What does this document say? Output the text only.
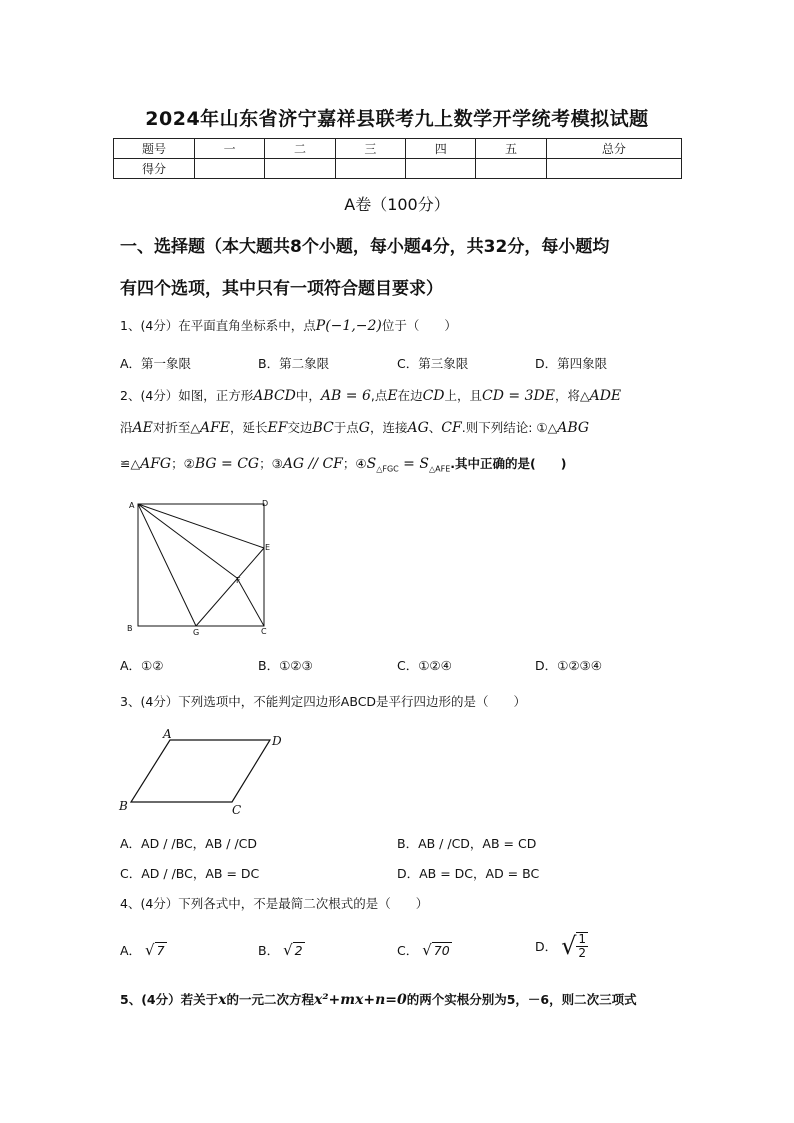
2024年山东省济宁嘉祥县联考九上数学开学统考模拟试题
题号	一	二	三	四	五	总分
得分						
A卷（100分）
一、选择题（本大题共8个小题，每小题4分，共32分，每小题均
有四个选项，其中只有一项符合题目要求）
1、(4分）在平面直角坐标系中，点P(−1,−2)位于（　　）
A．第一象限	B．第二象限	C．第三象限	D．第四象限
2、(4分）如图，正方形ABCD中，AB = 6,点E在边CD上，且CD = 3DE，将△ADE
沿AE对折至△AFE，延长EF交边BC于点G，连接AG、CF.则下列结论: ①△ABG
≌△AFG；②BG = CG；③AG // CF；$④S_{\triangle FGC} = S_{\triangle AFE}$.其中正确的是(　　)
A	D
E
F
B	G	C
A．①②	B．①②③	C．①②④	D．①②③④
3、(4分）下列选项中，不能判定四边形ABCD是平行四边形的是（　　）
A	D
B	C
A．AD / /BC，AB / /CD	B．AB / /CD，AB = CD
C．AD / /BC，AB = DC	D．AB = DC，AD = BC
4、(4分）下列各式中，不是最简二次根式的是（　　）
A． √ 7	B． √ 2	C． √ 70	D． √ $\frac{1}{2}$
5、(4分）若关于x的一元二次方程x²+mx+n=0的两个实根分别为5，－6，则二次三项式
